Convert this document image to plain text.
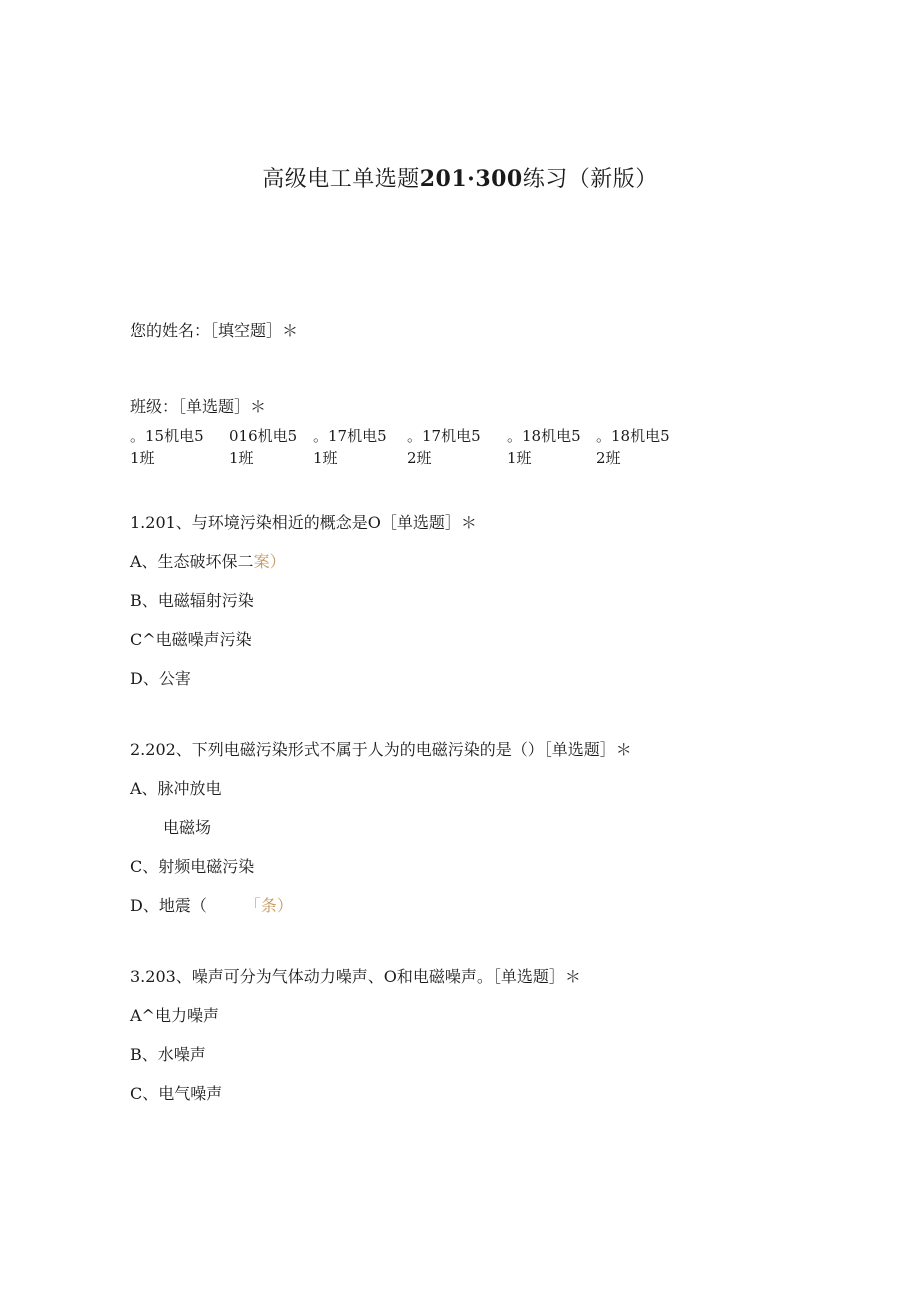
高级电工单选题201·300练习（新版）
您的姓名：［填空题］＊
班级：［单选题］＊
。15机电5
1班
016机电5
1班
。17机电5
1班
。17机电5
2班
。18机电5
1班
。18机电5
2班
1.201、与环境污染相近的概念是O［单选题］＊
A、生态破坏保二案）
B、电磁辐射污染
C^电磁噪声污染
D、公害
2.202、下列电磁污染形式不属于人为的电磁污染的是（）［单选题］＊
A、脉冲放电
电磁场
C、射频电磁污染
D、地震（	「条）
3.203、噪声可分为气体动力噪声、O和电磁噪声。［单选题］＊
A^电力噪声
B、水噪声
C、电气噪声
